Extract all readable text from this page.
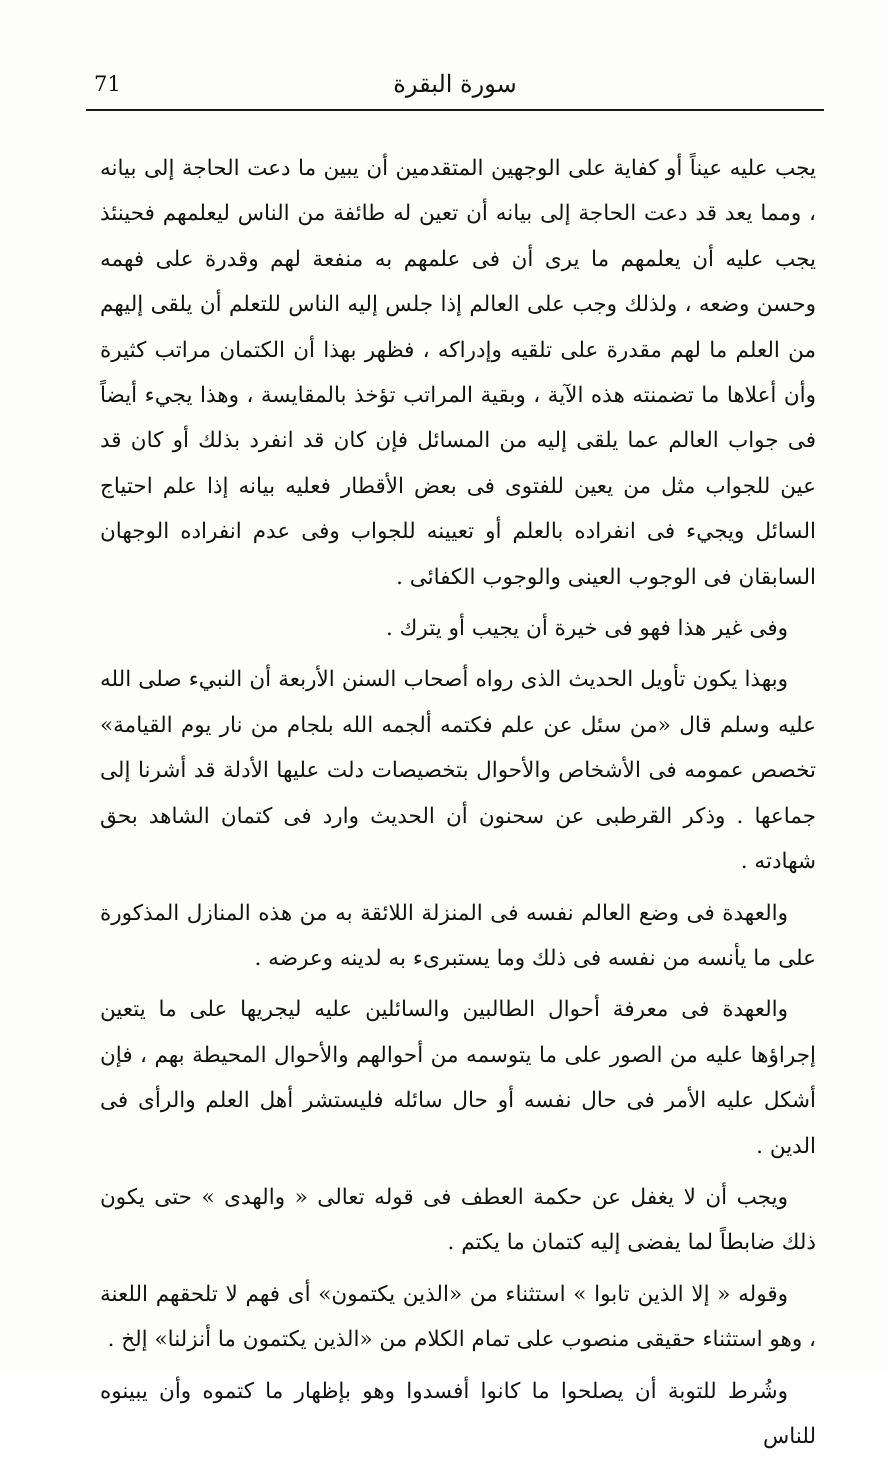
71	سورة البقرة

يجب عليه عيناً أو كفاية على الوجهين المتقدمين أن يبين ما دعت الحاجة إلى بيانه ، ومما يعد قد دعت الحاجة إلى بيانه أن تعين له طائفة من الناس ليعلمهم فحينئذ يجب عليه أن يعلمهم ما يرى أن فى علمهم به منفعة لهم وقدرة على فهمه وحسن وضعه ، ولذلك وجب على العالم إذا جلس إليه الناس للتعلم أن يلقى إليهم من العلم ما لهم مقدرة على تلقيه وإدراكه ، فظهر بهذا أن الكتمان مراتب كثيرة وأن أعلاها ما تضمنته هذه الآية ، وبقية المراتب تؤخذ بالمقايسة ، وهذا يجيء أيضاً فى جواب العالم عما يلقى إليه من المسائل فإن كان قد انفرد بذلك أو كان قد عين للجواب مثل من يعين للفتوى فى بعض الأقطار فعليه بيانه إذا علم احتياج السائل ويجيء فى انفراده بالعلم أو تعيينه للجواب وفى عدم انفراده الوجهان السابقان فى الوجوب العينى والوجوب الكفائى .

وفى غير هذا فهو فى خيرة أن يجيب أو يترك .

وبهذا يكون تأويل الحديث الذى رواه أصحاب السنن الأربعة أن النبيء صلى الله عليه وسلم قال «من سئل عن علم فكتمه ألجمه الله بلجام من نار يوم القيامة» تخصص عمومه فى الأشخاص والأحوال بتخصيصات دلت عليها الأدلة قد أشرنا إلى جماعها . وذكر القرطبى عن سحنون أن الحديث وارد فى كتمان الشاهد بحق شهادته .

والعهدة فى وضع العالم نفسه فى المنزلة اللائقة به من هذه المنازل المذكورة على ما يأنسه من نفسه فى ذلك وما يستبرىء به لدينه وعرضه .

والعهدة فى معرفة أحوال الطالبين والسائلين عليه ليجريها على ما يتعين إجراؤها عليه من الصور على ما يتوسمه من أحوالهم والأحوال المحيطة بهم ، فإن أشكل عليه الأمر فى حال نفسه أو حال سائله فليستشر أهل العلم والرأى فى الدين .

ويجب أن لا يغفل عن حكمة العطف فى قوله تعالى « والهدى » حتى يكون ذلك ضابطاً لما يفضى إليه كتمان ما يكتم .

وقوله « إلا الذين تابوا » استثناء من «الذين يكتمون» أى فهم لا تلحقهم اللعنة ، وهو استثناء حقيقى منصوب على تمام الكلام من «الذين يكتمون ما أنزلنا» إلخ .

وشُرط للتوبة أن يصلحوا ما كانوا أفسدوا وهو بإظهار ما كتموه وأن يبينوه للناس
